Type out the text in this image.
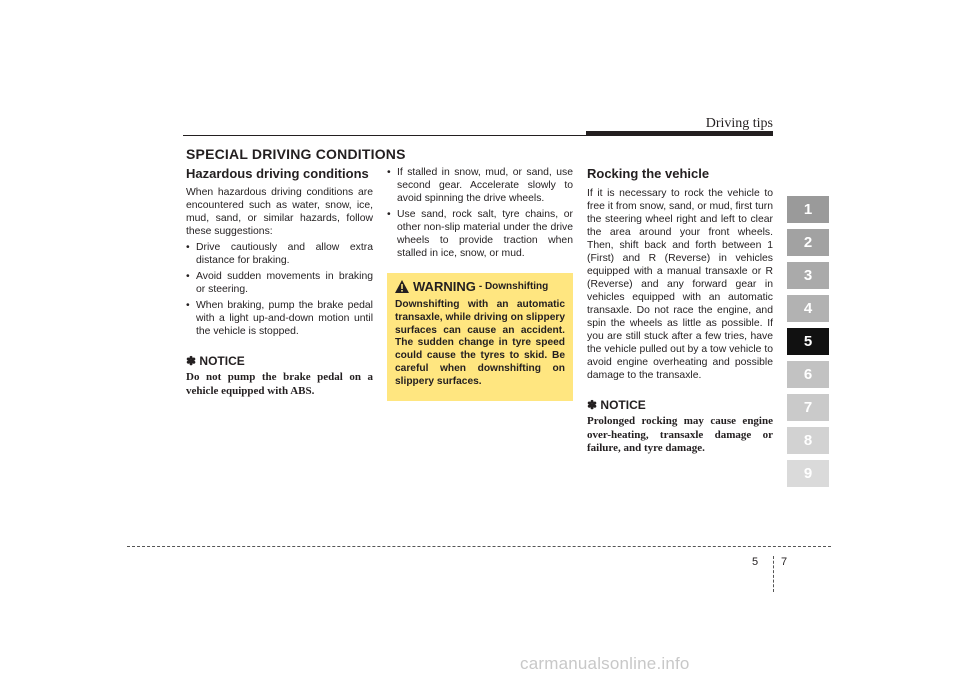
Driving tips
SPECIAL DRIVING CONDITIONS
Hazardous driving conditions

When hazardous driving conditions are encountered such as water, snow, ice, mud, sand, or similar hazards, follow these suggestions:

• Drive cautiously and allow extra distance for braking.
• Avoid sudden movements in braking or steering.
• When braking, pump the brake pedal with a light up-and-down motion until the vehicle is stopped.
✽ NOTICE
Do not pump the brake pedal on a vehicle equipped with ABS.
• If stalled in snow, mud, or sand, use second gear. Accelerate slowly to avoid spinning the drive wheels.
• Use sand, rock salt, tyre chains, or other non-slip material under the drive wheels to provide traction when stalled in ice, snow, or mud.
WARNING - Downshifting
Downshifting with an automatic transaxle, while driving on slippery surfaces can cause an accident. The sudden change in tyre speed could cause the tyres to skid. Be careful when downshifting on slippery surfaces.
Rocking the vehicle
If it is necessary to rock the vehicle to free it from snow, sand, or mud, first turn the steering wheel right and left to clear the area around your front wheels. Then, shift back and forth between 1 (First) and R (Reverse) in vehicles equipped with a manual transaxle or R (Reverse) and any forward gear in vehicles equipped with an automatic transaxle. Do not race the engine, and spin the wheels as little as possible. If you are still stuck after a few tries, have the vehicle pulled out by a tow vehicle to avoid engine overheating and possible damage to the transaxle.
✽ NOTICE
Prolonged rocking may cause engine over-heating, transaxle damage or failure, and tyre damage.
1
2
3
4
5
6
7
8
9
5 7
carmanualsonline.info
